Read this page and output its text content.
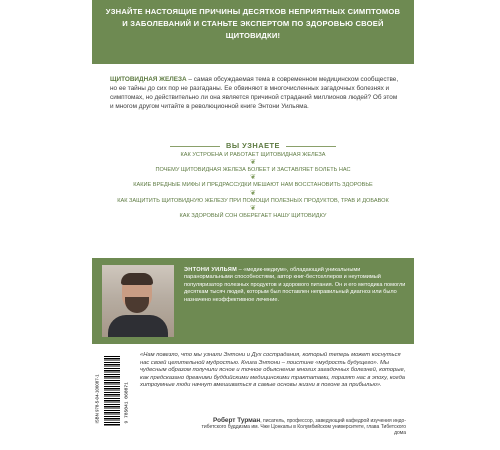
УЗНАЙТЕ НАСТОЯЩИЕ ПРИЧИНЫ ДЕСЯТКОВ НЕПРИЯТНЫХ СИМПТОМОВ И ЗАБОЛЕВАНИЙ И СТАНЬТЕ ЭКСПЕРТОМ ПО ЗДОРОВЬЮ СВОЕЙ ЩИТОВИДКИ!

ЩИТОВИДНАЯ ЖЕЛЕЗА – самая обсуждаемая тема в современном медицинском сообществе, но ее тайны до сих пор не разгаданы. Ее обвиняют в многочисленных загадочных болезнях и симптомах, но действительно ли она является причиной страданий миллионов людей? Об этом и многом другом читайте в революционной книге Энтони Уильяма.
ВЫ УЗНАЕТЕ
КАК УСТРОЕНА И РАБОТАЕТ ЩИТОВИДНАЯ ЖЕЛЕЗА
❦
ПОЧЕМУ ЩИТОВИДНАЯ ЖЕЛЕЗА БОЛЕЕТ И ЗАСТАВЛЯЕТ БОЛЕТЬ НАС
❦
КАКИЕ ВРЕДНЫЕ МИФЫ И ПРЕДРАССУДКИ МЕШАЮТ НАМ ВОССТАНОВИТЬ ЗДОРОВЬЕ
❦
КАК ЗАЩИТИТЬ ЩИТОВИДНУЮ ЖЕЛЕЗУ ПРИ ПОМОЩИ ПОЛЕЗНЫХ ПРОДУКТОВ, ТРАВ И ДОБАВОК
❦
КАК ЗДОРОВЫЙ СОН ОБЕРЕГАЕТ НАШУ ЩИТОВИДКУ
ЭНТОНИ УИЛЬЯМ – «медик-медиум», обладающий уникальными паранормальными способностями, автор книг-бестселлеров и неутомимый популяризатор полезных продуктов и здорового питания. Он и его методика помогли десяткам тысяч людей, которым был поставлен неправильный диагноз или было назначено неэффективное лечение.
ISBN 978-5-04-106087-1	9 785041 060871
«Нам повезло, что мы узнали Энтони и Дух сострадания, который теперь может коснуться нас своей целительной мудростью. Книга Энтони – поистине «мудрость будущего». Мы чудесным образом получили ясное и точное объяснение многих загадочных болезней, которые, как предсказано древними буддийскими медицинскими трактатами, поразят нас в эпоху, когда хитроумные люди начнут вмешиваться в самые основы жизни в погоне за прибылью».
Роберт Турман, писатель, профессор, заведующий кафедрой изучения индо-тибетского буддизма им. Чже Цонкапы в Колумбийском университете, глава Тибетского дома
